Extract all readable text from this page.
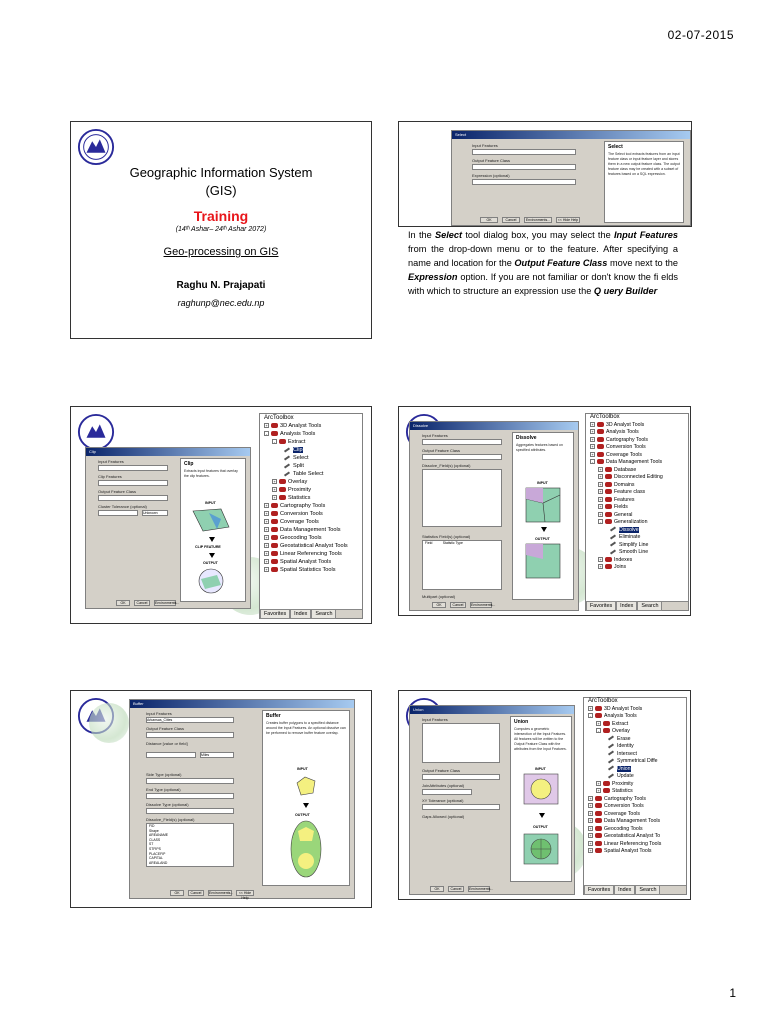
02-07-2015
Geographic Information System
(GIS)
Training
(14ᵗʰ Ashar– 24ᵗʰ Ashar 2072)
Geo-processing on GIS
Raghu N. Prajapati
raghunp@nec.edu.np
Select
Input Features
Output Feature Class
Expression (optional)
OK	Cancel	Environments...	<< Hide Help
Select
The Select tool extracts features from an input feature class or input feature layer and stores them in a new output feature class. The output feature class may be created with a subset of features based on a SQL expression.
In the Select tool dialog box, you may select the Input Features from the drop-down menu or to the feature. After specifying a name and location for the Output Feature Class move next to the Expression option. If you are not familiar or don't know the fi elds with which to structure an expression use the Q uery Builder
Clip
Input Features
Clip Features
Output Feature Class
Cluster Tolerance (optional)
Unknown
Clip
Extracts input features that overlay the clip features.
INPUT
CLIP FEATURE
OUTPUT
OK	Cancel	Environments...
ArcToolbox
+ 3D Analyst Tools
- Analysis Tools
- Extract
Clip
Select
Split
Table Select
+ Overlay
+ Proximity
+ Statistics
+ Cartography Tools
+ Conversion Tools
+ Coverage Tools
+ Data Management Tools
+ Geocoding Tools
+ Geostatistical Analyst Tools
+ Linear Referencing Tools
+ Spatial Analyst Tools
+ Spatial Statistics Tools
Favorites Index Search
Dissolve
Input Features
Output Feature Class
Dissolve_Field(s) (optional)
Statistics Field(s) (optional)
Field	Statistic Type
Multipart (optional)
OK	Cancel	Environments...
Dissolve
Aggregates features based on specified attributes.
INPUT
OUTPUT
ArcToolbox
+ 3D Analyst Tools
+ Analysis Tools
+ Cartography Tools
+ Conversion Tools
+ Coverage Tools
- Data Management Tools
+ Database
+ Disconnected Editing
+ Domains
+ Feature class
+ Features
+ Fields
+ General
- Generalization
Dissolve
Eliminate
Simplify Line
Smooth Line
+ Indexes
+ Joins
Favorites Index Search
Buffer
Input Features
Arkansas_Cities
Output Feature Class
Distance [value or field]
Miles
Side Type (optional)
End Type (optional)
Dissolve Type (optional)
Dissolve_Field(s) (optional)
FID
Shape
AREANAME
CLASS
ST
STFIPS
PLACEFIP
CAPITAL
AREALAND
OK	Cancel	Environments...	<< Hide Help
Buffer
Creates buffer polygons to a specified distance around the Input Features. An optional dissolve can be performed to remove buffer feature overlap.
INPUT
OUTPUT
Union
Input Features
Output Feature Class
JoinAttributes (optional)
XY Tolerance (optional)
Gaps Allowed (optional)
OK	Cancel	Environments...
Union
Computes a geometric intersection of the Input Features. All features will be written to the Output Feature Class with the attributes from the Input Features.
INPUT
OUTPUT
ArcToolbox
+ 3D Analyst Tools
- Analysis Tools
+ Extract
- Overlay
Erase
Identity
Intersect
Symmetrical Diffe
Union
Update
+ Proximity
+ Statistics
+ Cartography Tools
+ Conversion Tools
+ Coverage Tools
+ Data Management Tools
+ Geocoding Tools
+ Geostatistical Analyst To
+ Linear Referencing Tools
+ Spatial Analyst Tools
Favorites Index Search
1
